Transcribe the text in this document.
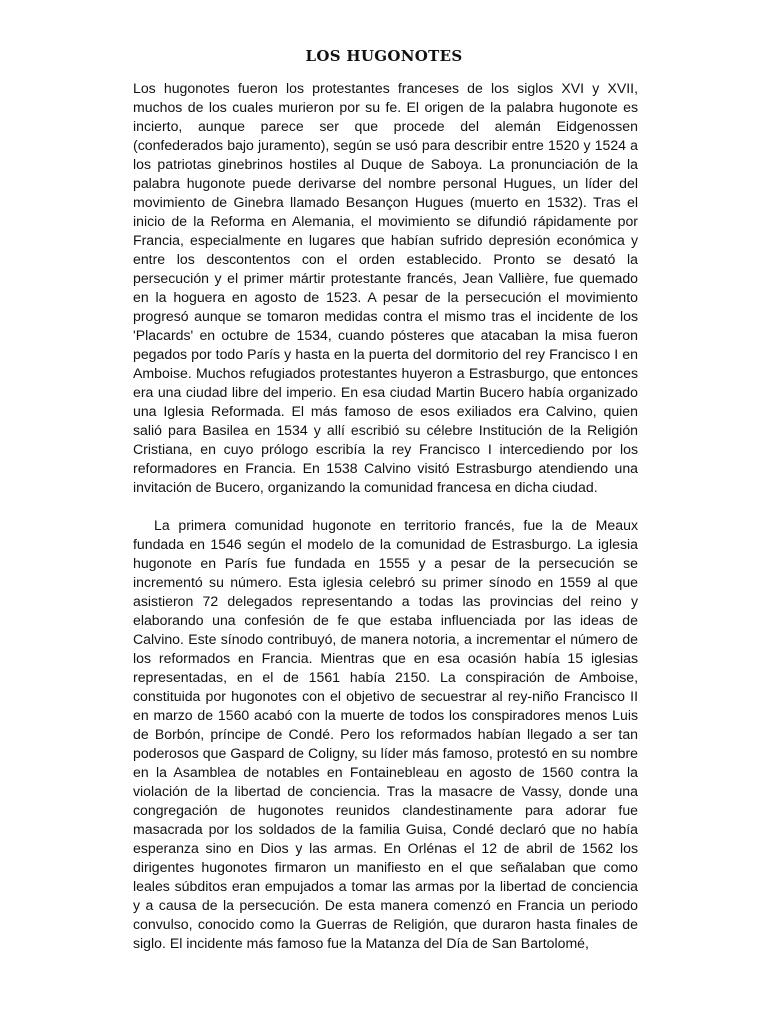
LOS HUGONOTES

Los hugonotes fueron los protestantes franceses de los siglos XVI y XVII, muchos de los cuales murieron por su fe. El origen de la palabra hugonote es incierto, aunque parece ser que procede del alemán Eidgenossen (confederados bajo juramento), según se usó para describir entre 1520 y 1524 a los patriotas ginebrinos hostiles al Duque de Saboya. La pronunciación de la palabra hugonote puede derivarse del nombre personal Hugues, un líder del movimiento de Ginebra llamado Besançon Hugues (muerto en 1532). Tras el inicio de la Reforma en Alemania, el movimiento se difundió rápidamente por Francia, especialmente en lugares que habían sufrido depresión económica y entre los descontentos con el orden establecido. Pronto se desató la persecución y el primer mártir protestante francés, Jean Vallière, fue quemado en la hoguera en agosto de 1523. A pesar de la persecución el movimiento progresó aunque se tomaron medidas contra el mismo tras el incidente de los 'Placards' en octubre de 1534, cuando pósteres que atacaban la misa fueron pegados por todo París y hasta en la puerta del dormitorio del rey Francisco I en Amboise. Muchos refugiados protestantes huyeron a Estrasburgo, que entonces era una ciudad libre del imperio. En esa ciudad Martin Bucero había organizado una Iglesia Reformada. El más famoso de esos exiliados era Calvino, quien salió para Basilea en 1534 y allí escribió su célebre Institución de la Religión Cristiana, en cuyo prólogo escribía la rey Francisco I intercediendo por los reformadores en Francia. En 1538 Calvino visitó Estrasburgo atendiendo una invitación de Bucero, organizando la comunidad francesa en dicha ciudad.

La primera comunidad hugonote en territorio francés, fue la de Meaux fundada en 1546 según el modelo de la comunidad de Estrasburgo. La iglesia hugonote en París fue fundada en 1555 y a pesar de la persecución se incrementó su número. Esta iglesia celebró su primer sínodo en 1559 al que asistieron 72 delegados representando a todas las provincias del reino y elaborando una confesión de fe que estaba influenciada por las ideas de Calvino. Este sínodo contribuyó, de manera notoria, a incrementar el número de los reformados en Francia. Mientras que en esa ocasión había 15 iglesias representadas, en el de 1561 había 2150. La conspiración de Amboise, constituida por hugonotes con el objetivo de secuestrar al rey-niño Francisco II en marzo de 1560 acabó con la muerte de todos los conspiradores menos Luis de Borbón, príncipe de Condé. Pero los reformados habían llegado a ser tan poderosos que Gaspard de Coligny, su líder más famoso, protestó en su nombre en la Asamblea de notables en Fontainebleau en agosto de 1560 contra la violación de la libertad de conciencia. Tras la masacre de Vassy, donde una congregación de hugonotes reunidos clandestinamente para adorar fue masacrada por los soldados de la familia Guisa, Condé declaró que no había esperanza sino en Dios y las armas. En Orlénas el 12 de abril de 1562 los dirigentes hugonotes firmaron un manifiesto en el que señalaban que como leales súbditos eran empujados a tomar las armas por la libertad de conciencia y a causa de la persecución. De esta manera comenzó en Francia un periodo convulso, conocido como la Guerras de Religión, que duraron hasta finales de siglo. El incidente más famoso fue la Matanza del Día de San Bartolomé,
